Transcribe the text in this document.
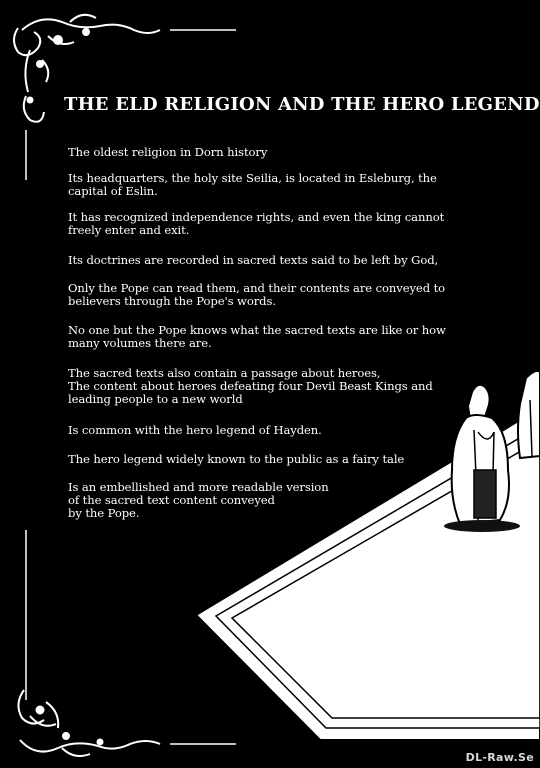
THE ELD RELIGION AND THE HERO LEGEND
The oldest religion in Dorn history
Its headquarters, the holy site Seilia, is located in Esleburg, the
capital of Eslin.
It has recognized independence rights, and even the king cannot
freely enter and exit.
Its doctrines are recorded in sacred texts said to be left by God,
Only the Pope can read them, and their contents are conveyed to
believers through the Pope's words.
No one but the Pope knows what the sacred texts are like or how
many volumes there are.
The sacred texts also contain a passage about heroes,
The content about heroes defeating four Devil Beast Kings and
leading people to a new world
Is common with the hero legend of Hayden.
The hero legend widely known to the public as a fairy tale
Is an embellished and more readable version
of the sacred text content conveyed
by the Pope.
DL-Raw.Se
